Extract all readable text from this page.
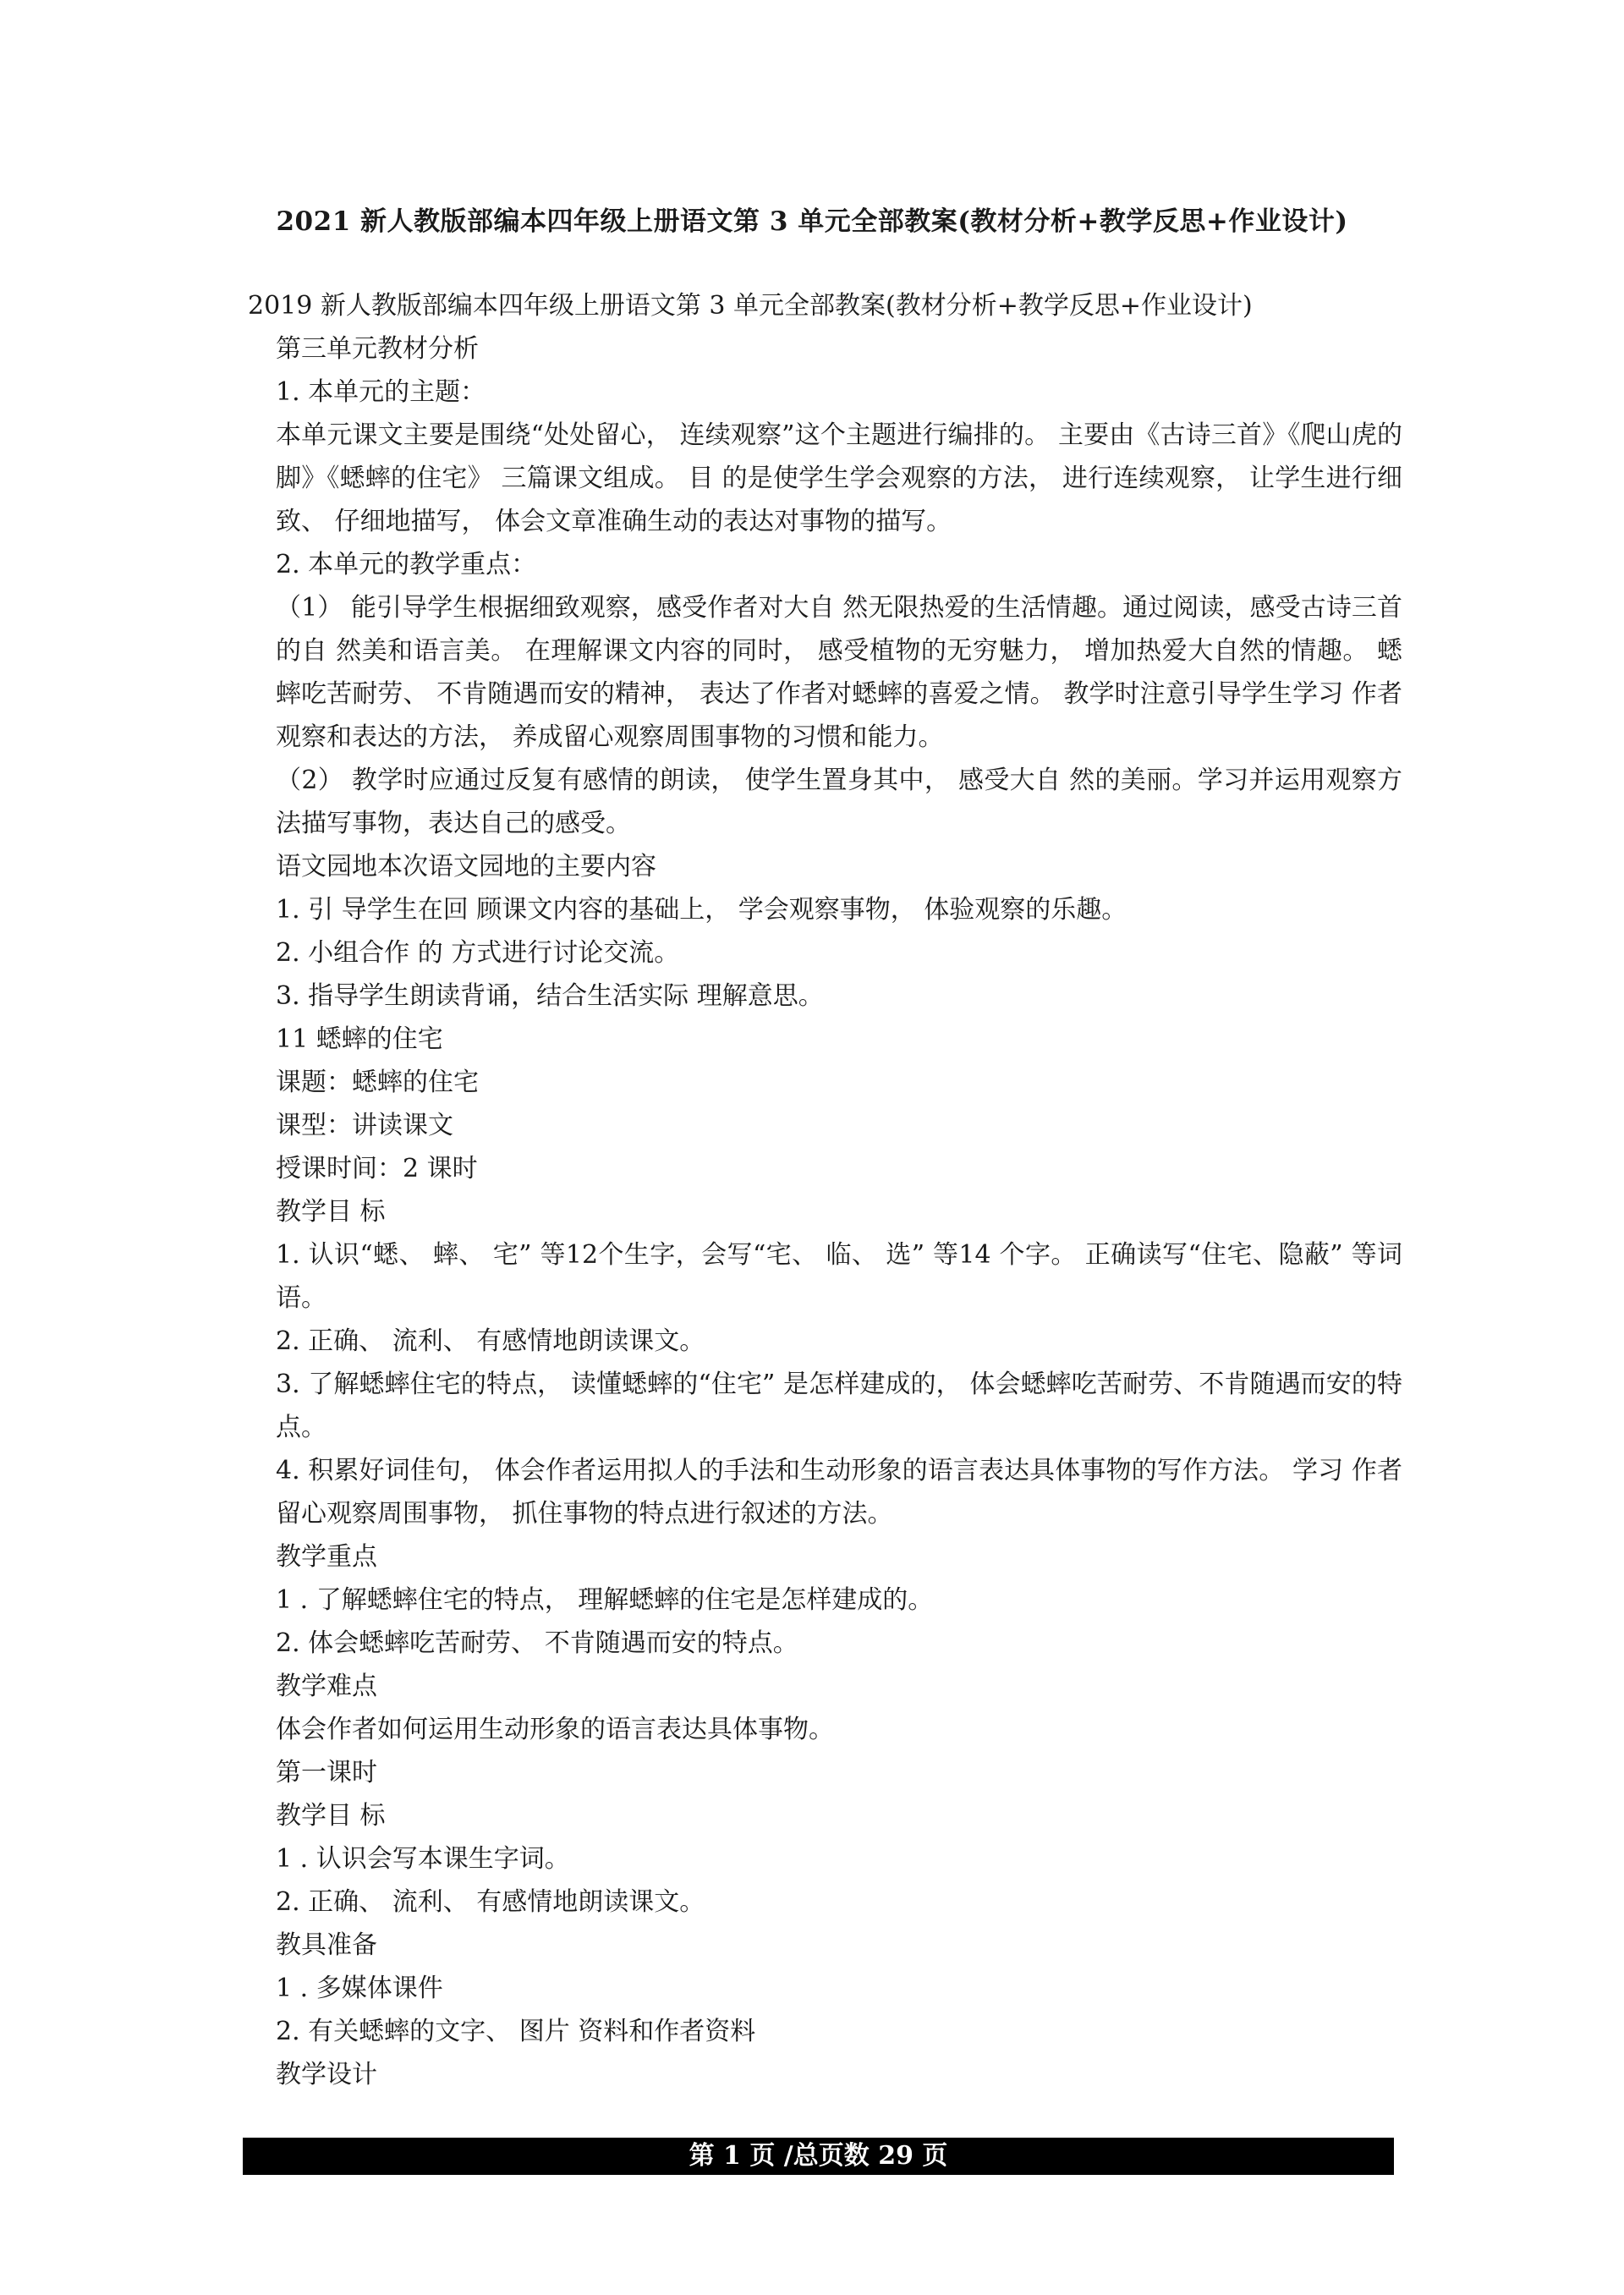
2021 新人教版部编本四年级上册语文第 3 单元全部教案(教材分析+教学反思+作业设计)
2019 新人教版部编本四年级上册语文第 3 单元全部教案(教材分析+教学反思+作业设计)
第三单元教材分析
1. 本单元的主题：
本单元课文主要是围绕“处处留心， 连续观察”这个主题进行编排的。 主要由《古诗三首》《爬山虎的脚》《蟋蟀的住宅》 三篇课文组成。 目 的是使学生学会观察的方法， 进行连续观察， 让学生进行细致、 仔细地描写， 体会文章准确生动的表达对事物的描写。
2. 本单元的教学重点：
（1） 能引导学生根据细致观察，感受作者对大自 然无限热爱的生活情趣。通过阅读，感受古诗三首的自 然美和语言美。 在理解课文内容的同时， 感受植物的无穷魅力， 增加热爱大自然的情趣。 蟋蟀吃苦耐劳、 不肯随遇而安的精神， 表达了作者对蟋蟀的喜爱之情。 教学时注意引导学生学习 作者观察和表达的方法， 养成留心观察周围事物的习惯和能力。
（2） 教学时应通过反复有感情的朗读， 使学生置身其中， 感受大自 然的美丽。学习并运用观察方法描写事物，表达自己的感受。
语文园地本次语文园地的主要内容
1. 引 导学生在回 顾课文内容的基础上， 学会观察事物， 体验观察的乐趣。
2. 小组合作 的 方式进行讨论交流。
3. 指导学生朗读背诵，结合生活实际 理解意思。
11 蟋蟀的住宅
课题：蟋蟀的住宅
课型：讲读课文
授课时间：2 课时
教学目 标
1. 认识“蟋、 蟀、 宅” 等12个生字，会写“宅、 临、 选” 等14 个字。 正确读写“住宅、隐蔽” 等词语。
2. 正确、 流利、 有感情地朗读课文。
3. 了解蟋蟀住宅的特点， 读懂蟋蟀的“住宅” 是怎样建成的， 体会蟋蟀吃苦耐劳、不肯随遇而安的特点。
4. 积累好词佳句， 体会作者运用拟人的手法和生动形象的语言表达具体事物的写作方法。 学习 作者留心观察周围事物， 抓住事物的特点进行叙述的方法。
教学重点
1 . 了解蟋蟀住宅的特点， 理解蟋蟀的住宅是怎样建成的。
2. 体会蟋蟀吃苦耐劳、 不肯随遇而安的特点。
教学难点
体会作者如何运用生动形象的语言表达具体事物。
第一课时
教学目 标
1 . 认识会写本课生字词。
2. 正确、 流利、 有感情地朗读课文。
教具准备
1 . 多媒体课件
2. 有关蟋蟀的文字、 图片 资料和作者资料
教学设计
第 1 页 /总页数 29 页
